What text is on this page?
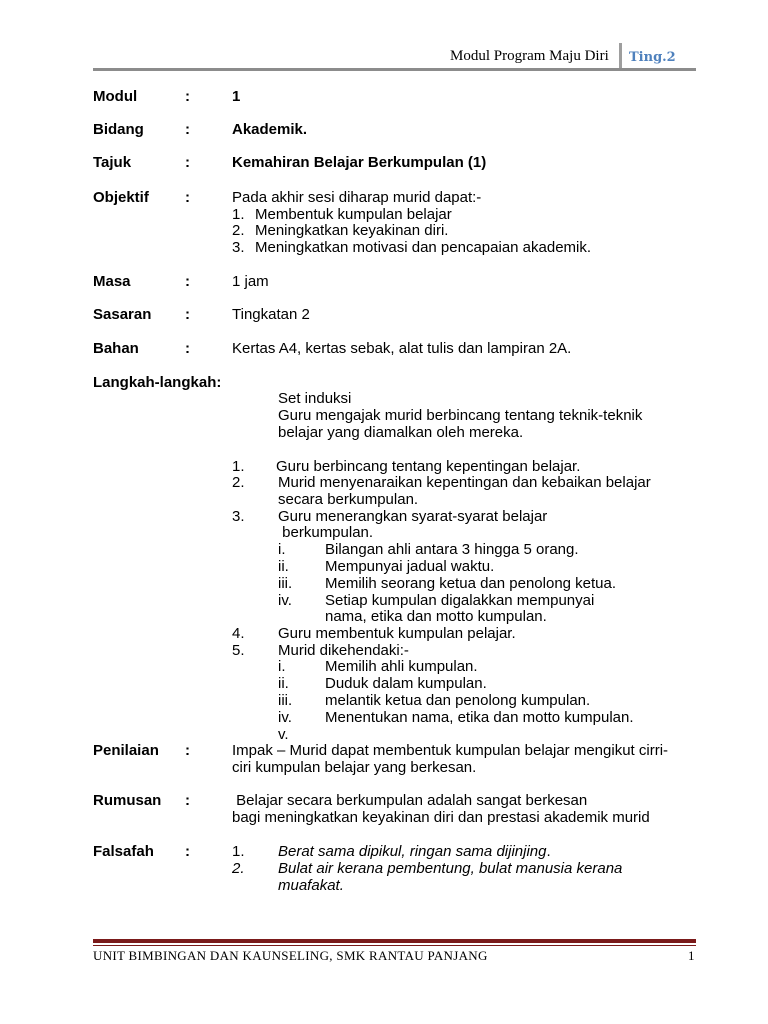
Modul Program Maju Diri Ting.2
Modul	:	1
Bidang	:	Akademik.
Tajuk	:	Kemahiran Belajar Berkumpulan (1)
Objektif :	Pada akhir sesi diharap murid dapat:-
1. Membentuk kumpulan belajar
2. Meningkatkan keyakinan diri.
3. Meningkatkan motivasi dan pencapaian akademik.
Masa	:	1 jam
Sasaran :	Tingkatan 2
Bahan	:	Kertas A4, kertas sebak, alat tulis dan lampiran 2A.
Langkah-langkah:
Set induksi
Guru mengajak murid berbincang tentang teknik-teknik
belajar yang diamalkan oleh mereka.
1. Guru berbincang tentang kepentingan belajar.
2. Murid menyenaraikan kepentingan dan kebaikan belajar
secara berkumpulan.
3. Guru menerangkan syarat-syarat belajar
berkumpulan.
i.	Bilangan ahli antara 3 hingga 5 orang.
ii. Mempunyai jadual waktu.
iii. Memilih seorang ketua dan penolong ketua.
iv. Setiap kumpulan digalakkan mempunyai
nama, etika dan motto kumpulan.
4. Guru membentuk kumpulan pelajar.
5. Murid dikehendaki:-
i.	Memilih ahli kumpulan.
ii. Duduk dalam kumpulan.
iii. melantik ketua dan penolong kumpulan.
iv. Menentukan nama, etika dan motto kumpulan.
v.
Penilaian :	Impak – Murid dapat membentuk kumpulan belajar mengikut cirri-
ciri kumpulan belajar yang berkesan.
Rumusan :	Belajar secara berkumpulan adalah sangat berkesan
bagi meningkatkan keyakinan diri dan prestasi akademik murid
Falsafah :	1. Berat sama dipikul, ringan sama dijinjing.
2. Bulat air kerana pembentung, bulat manusia kerana
muafakat.
UNIT BIMBINGAN DAN KAUNSELING, SMK RANTAU PANJANG	1
